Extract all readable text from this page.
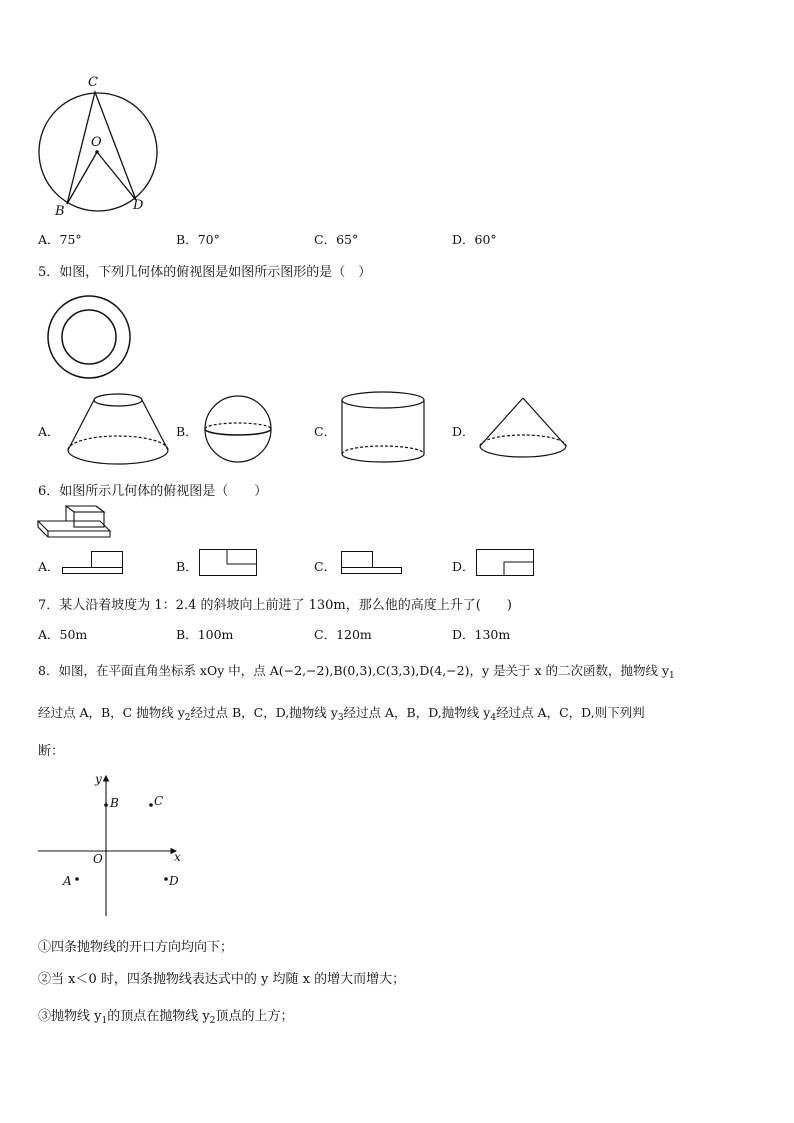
C
O
B	D
A．75°	B．70°	C．65°	D．60°
5．如图，下列几何体的俯视图是如图所示图形的是（　）
A．	B．	C．	D．
6．如图所示几何体的俯视图是（　　）
A．	B．	C．	D．
7．某人沿着坡度为 1：2.4 的斜坡向上前进了 130m，那么他的高度上升了(　　)
A．50m	B．100m	C．120m	D．130m
8．如图，在平面直角坐标系 xOy 中，点 A(−2,−2),B(0,3),C(3,3),D(4,−2)，y 是关于 x 的二次函数，抛物线 $y_1$
经过点 A，B，C 抛物线 $y_2$经过点 B，C，D,抛物线 $y_3$经过点 A，B，D,抛物线 $y_4$经过点 A，C，D,则下列判
断：
y
x
O
B	C
A	D
①四条抛物线的开口方向均向下；
②当 x＜0 时，四条抛物线表达式中的 y 均随 x 的增大而增大；
③抛物线 $y_1$的顶点在抛物线 $y_2$顶点的上方；
